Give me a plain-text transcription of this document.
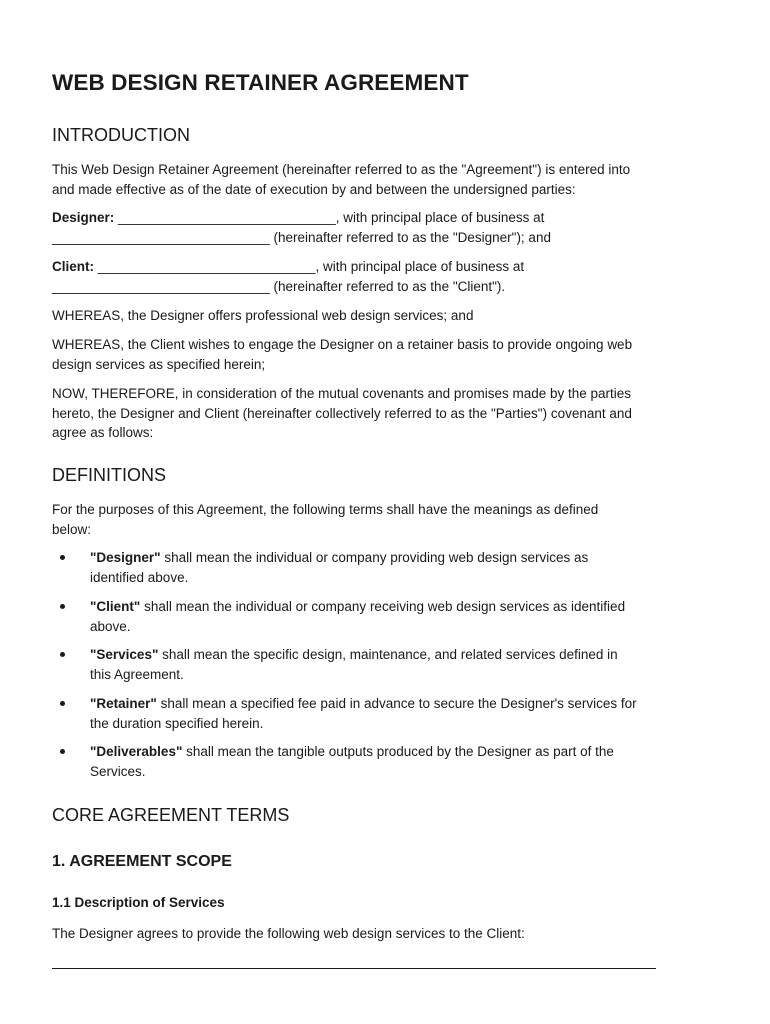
WEB DESIGN RETAINER AGREEMENT
INTRODUCTION

This Web Design Retainer Agreement (hereinafter referred to as the "Agreement") is entered into
and made effective as of the date of execution by and between the undersigned parties:

Designer: _____________________________, with principal place of business at
_____________________________ (hereinafter referred to as the "Designer"); and

Client: _____________________________, with principal place of business at
_____________________________ (hereinafter referred to as the "Client").

WHEREAS, the Designer offers professional web design services; and

WHEREAS, the Client wishes to engage the Designer on a retainer basis to provide ongoing web
design services as specified herein;

NOW, THEREFORE, in consideration of the mutual covenants and promises made by the parties
hereto, the Designer and Client (hereinafter collectively referred to as the "Parties") covenant and
agree as follows:

DEFINITIONS

For the purposes of this Agreement, the following terms shall have the meanings as defined
below:

"Designer" shall mean the individual or company providing web design services as
identified above.
"Client" shall mean the individual or company receiving web design services as identified
above.
"Services" shall mean the specific design, maintenance, and related services defined in
this Agreement.
"Retainer" shall mean a specified fee paid in advance to secure the Designer's services for
the duration specified herein.
"Deliverables" shall mean the tangible outputs produced by the Designer as part of the
Services.
CORE AGREEMENT TERMS
1. AGREEMENT SCOPE
1.1 Description of Services

The Designer agrees to provide the following web design services to the Client:
